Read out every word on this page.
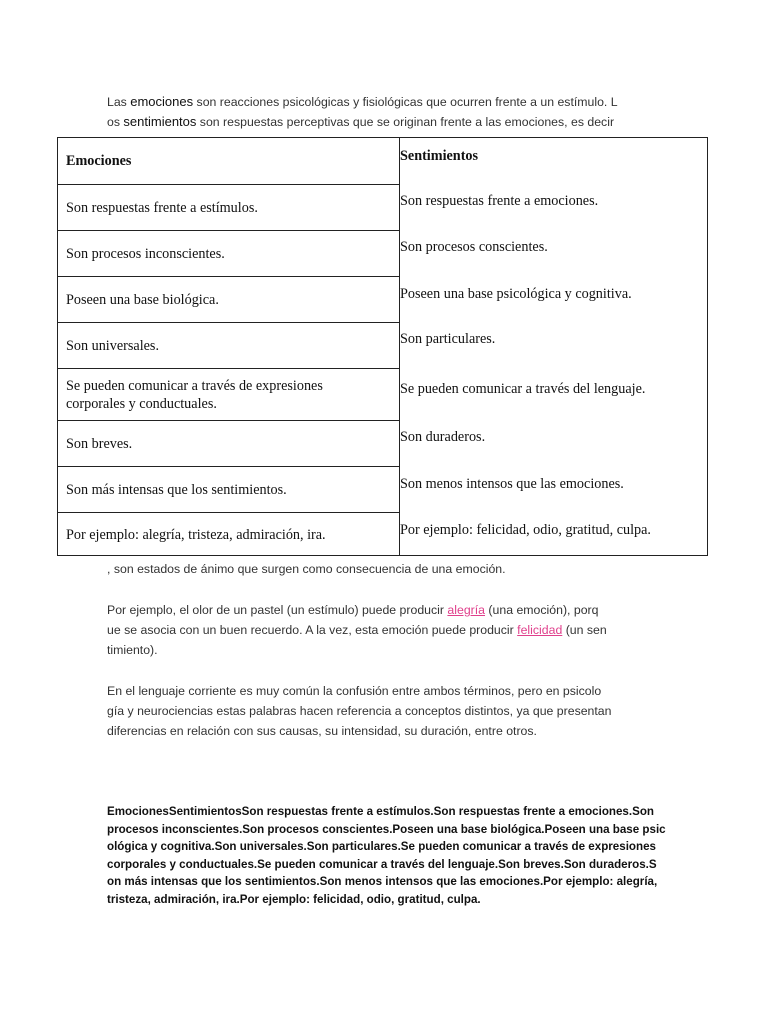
Las emociones son reacciones psicológicas y fisiológicas que ocurren frente a un estímulo. L
os sentimientos son respuestas perceptivas que se originan frente a las emociones, es decir
Emociones
Son respuestas frente a estímulos.
Son procesos inconscientes.
Poseen una base biológica.
Son universales.
Se pueden comunicar a través de expresiones
corporales y conductuales.
Son breves.
Son más intensas que los sentimientos.
Por ejemplo: alegría, tristeza, admiración, ira.
Sentimientos
Son respuestas frente a emociones.
Son procesos conscientes.
Poseen una base psicológica y cognitiva.
Son particulares.
Se pueden comunicar a través del lenguaje.
Son duraderos.
Son menos intensos que las emociones.
Por ejemplo: felicidad, odio, gratitud, culpa.
, son estados de ánimo que surgen como consecuencia de una emoción.
Por ejemplo, el olor de un pastel (un estímulo) puede producir alegría (una emoción), porq
ue se asocia con un buen recuerdo. A la vez, esta emoción puede producir felicidad (un sen
timiento).
En el lenguaje corriente es muy común la confusión entre ambos términos, pero en psicolo
gía y neurociencias estas palabras hacen referencia a conceptos distintos, ya que presentan
diferencias en relación con sus causas, su intensidad, su duración, entre otros.
EmocionesSentimientosSon respuestas frente a estímulos.Son respuestas frente a emociones.Son
procesos inconscientes.Son procesos conscientes.Poseen una base biológica.Poseen una base psic
ológica y cognitiva.Son universales.Son particulares.Se pueden comunicar a través de expresiones
corporales y conductuales.Se pueden comunicar a través del lenguaje.Son breves.Son duraderos.S
on más intensas que los sentimientos.Son menos intensos que las emociones.Por ejemplo: alegría,
tristeza, admiración, ira.Por ejemplo: felicidad, odio, gratitud, culpa.
